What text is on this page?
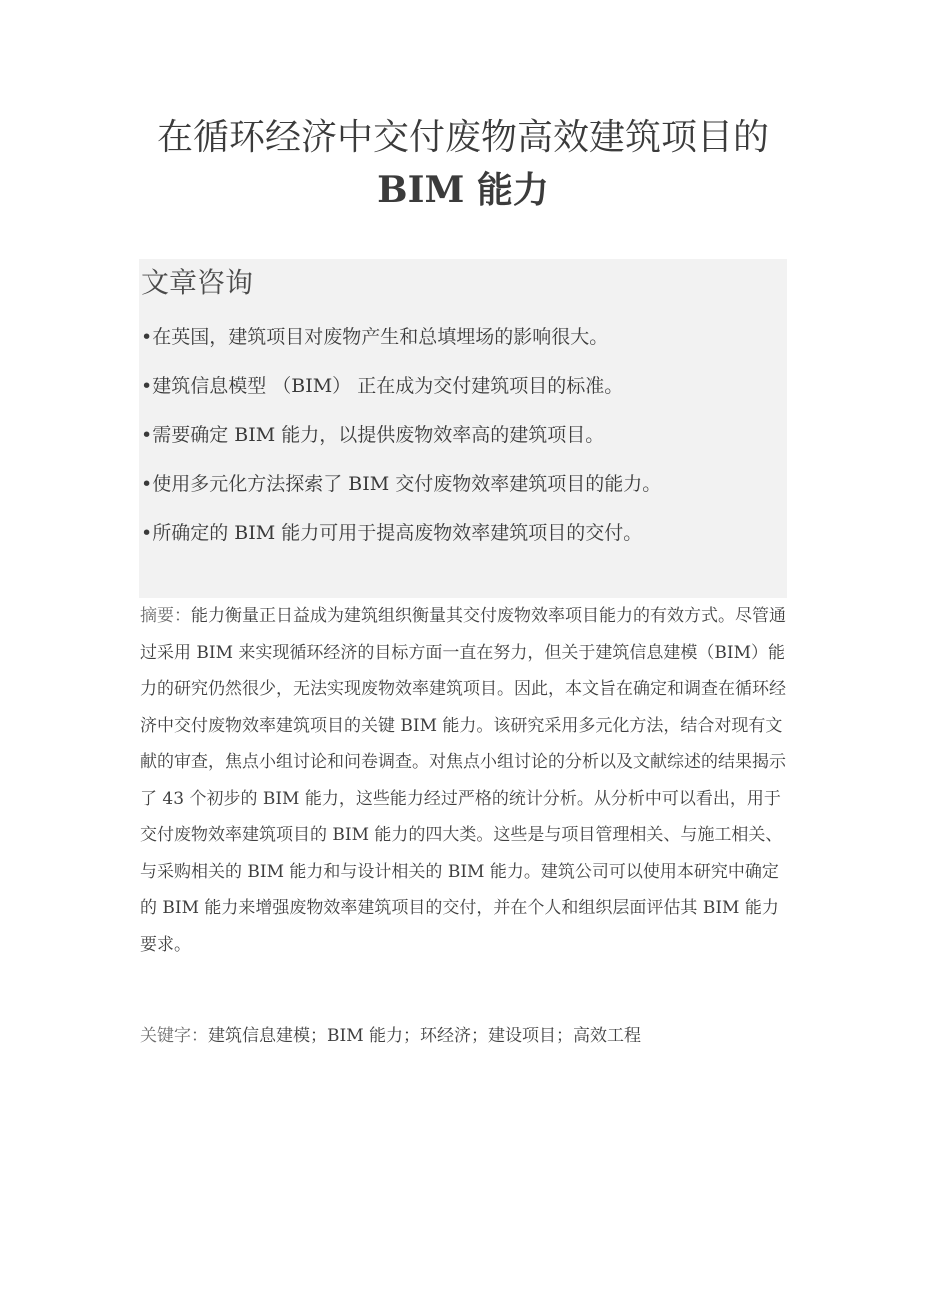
在循环经济中交付废物高效建筑项目的
BIM 能力
文章咨询
•在英国，建筑项目对废物产生和总填埋场的影响很大。
•建筑信息模型 （BIM） 正在成为交付建筑项目的标准。
•需要确定 BIM 能力，以提供废物效率高的建筑项目。
•使用多元化方法探索了 BIM 交付废物效率建筑项目的能力。
•所确定的 BIM 能力可用于提高废物效率建筑项目的交付。

摘要：能力衡量正日益成为建筑组织衡量其交付废物效率项目能力的有效方式。尽管通过采用 BIM 来实现循环经济的目标方面一直在努力，但关于建筑信息建模（BIM）能力的研究仍然很少，无法实现废物效率建筑项目。因此，本文旨在确定和调查在循环经济中交付废物效率建筑项目的关键 BIM 能力。该研究采用多元化方法，结合对现有文献的审查，焦点小组讨论和问卷调查。对焦点小组讨论的分析以及文献综述的结果揭示了 43 个初步的 BIM 能力，这些能力经过严格的统计分析。从分析中可以看出，用于交付废物效率建筑项目的 BIM 能力的四大类。这些是与项目管理相关、与施工相关、与采购相关的 BIM 能力和与设计相关的 BIM 能力。建筑公司可以使用本研究中确定的 BIM 能力来增强废物效率建筑项目的交付，并在个人和组织层面评估其 BIM 能力要求。

关键字：建筑信息建模；BIM 能力；环经济；建设项目；高效工程
